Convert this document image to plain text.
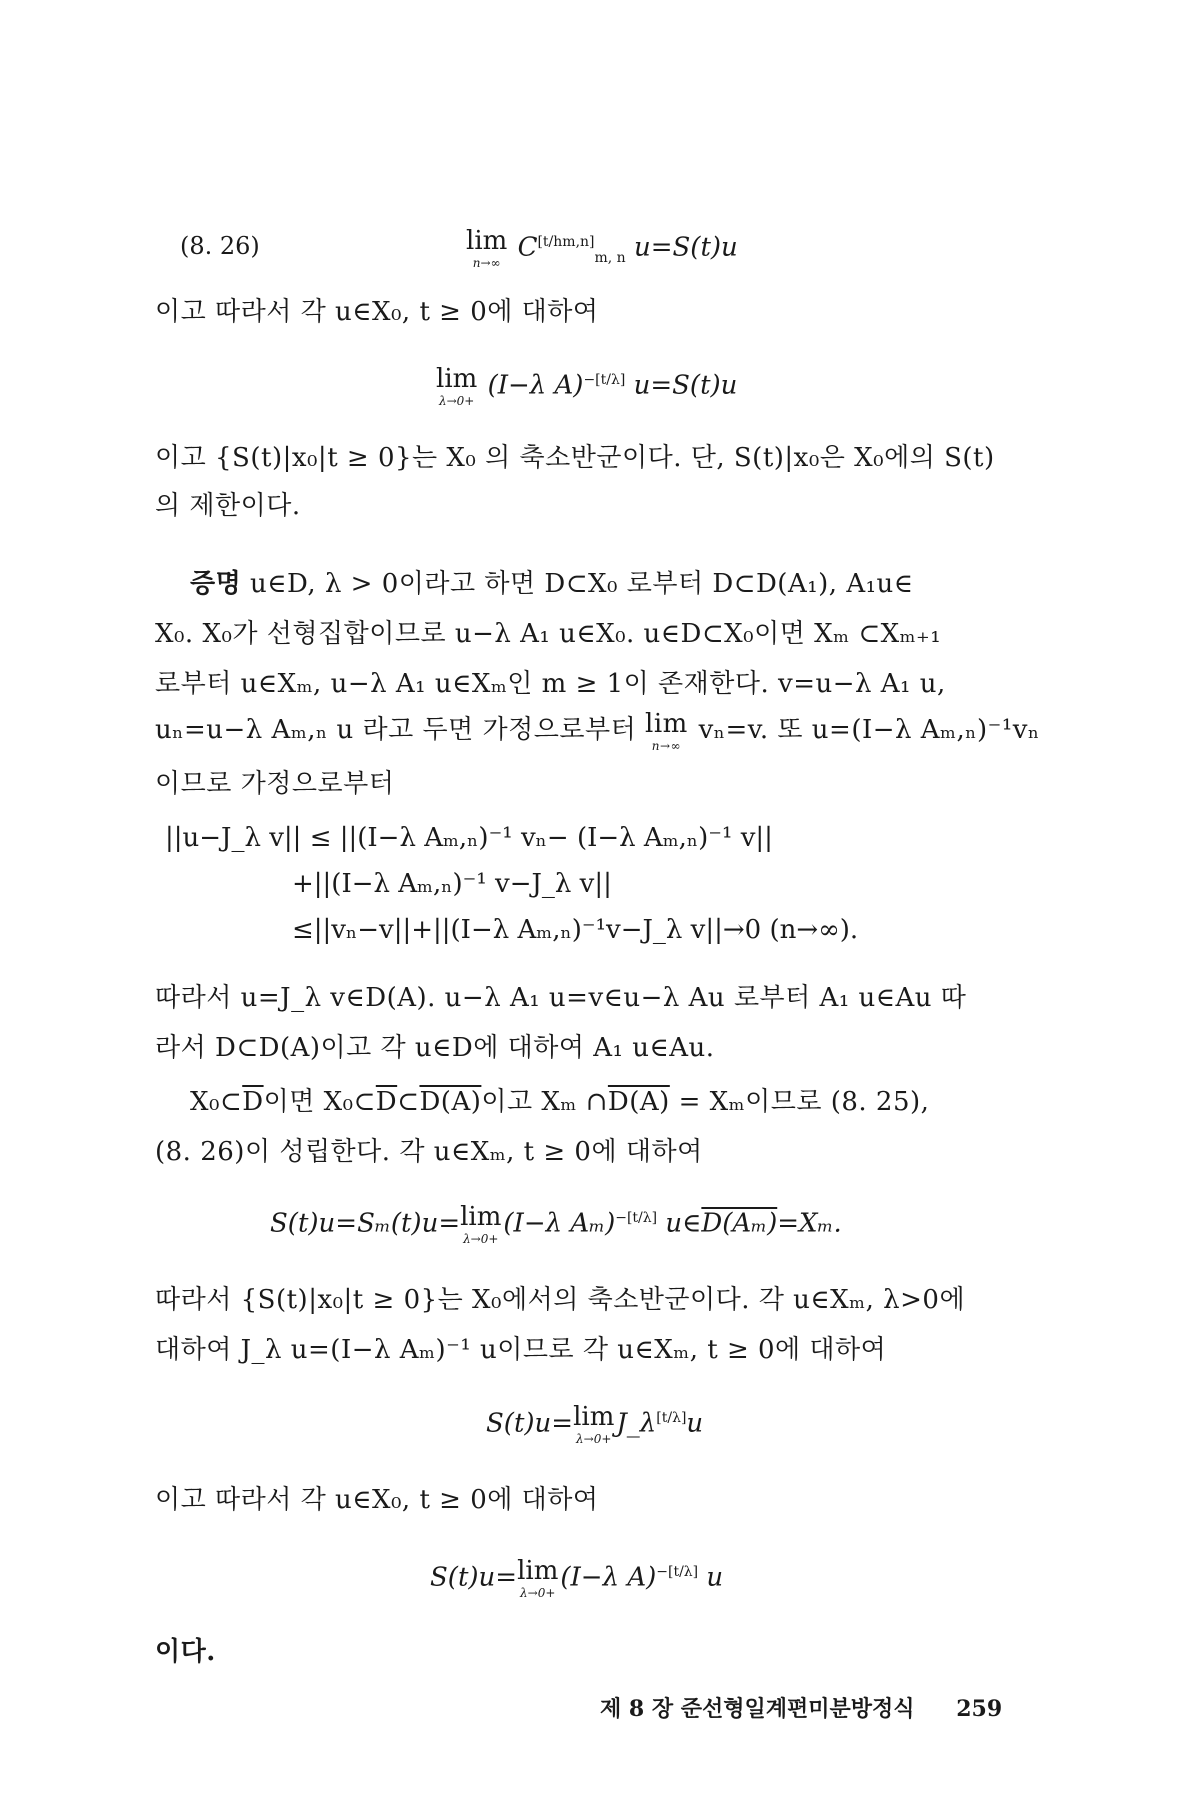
(8. 26)	lim
n→∞
$C[t/hm,n]_{m, n}$ u=S(t)u
이고 따라서 각 u∈X₀, t ≥ 0에 대하여
lim
λ→0+
(I−λ A)$^{-[t/\lambda]}$ u=S(t)u
이고 {S(t)|x₀|t ≥ 0}는 X₀ 의 축소반군이다. 단, S(t)|x₀은 X₀에의 S(t)
의 제한이다.
증명 u∈D, λ > 0이라고 하면 D⊂X₀ 로부터 D⊂D(A₁), A₁u∈
X₀. X₀가 선형집합이므로 u−λ A₁ u∈X₀. u∈D⊂X₀이면 Xₘ ⊂Xₘ₊₁
로부터 u∈Xₘ, u−λ A₁ u∈Xₘ인 m ≥ 1이 존재한다. v=u−λ A₁ u,
uₙ=u−λ Aₘ,ₙ u 라고 두면 가정으로부터 lim
n→∞
vₙ=v. 또 u=(I−λ Aₘ,ₙ)⁻¹vₙ
이므로 가정으로부터
||u−J_λ v|| ≤ ||(I−λ Aₘ,ₙ)⁻¹ vₙ− (I−λ Aₘ,ₙ)⁻¹ v||
+||(I−λ Aₘ,ₙ)⁻¹ v−J_λ v||
≤||vₙ−v||+||(I−λ Aₘ,ₙ)⁻¹v−J_λ v||→0 (n→∞).
따라서 u=J_λ v∈D(A). u−λ A₁ u=v∈u−λ Au 로부터 A₁ u∈Au 따
라서 D⊂D(A)이고 각 u∈D에 대하여 A₁ u∈Au.
$X_0\subset\overline{D}$이면 $X_0\subset\overline{D}\subset D(A)$이고 Xₘ ∩D(A) = Xₘ이므로 (8. 25),
(8. 26)이 성립한다. 각 u∈Xₘ, t ≥ 0에 대하여
S(t)u=Sₘ(t)u=lim
λ→0+
(I−λ Aₘ)$^{-[t/\lambda]}$ u∈D(Aₘ)=Xₘ.
따라서 {S(t)|x₀|t ≥ 0}는 X₀에서의 축소반군이다. 각 u∈Xₘ, λ>0에
대하여 J_λ u=(I−λ Aₘ)⁻¹ u이므로 각 u∈Xₘ, t ≥ 0에 대하여
S(t)u=lim
λ→0+
J_λ[t/λ]u
이고 따라서 각 u∈X₀, t ≥ 0에 대하여
S(t)u=lim
λ→0+
(I−λ A)$^{-[t/\lambda]}$ u
이다.
제 8 장 준선형일계편미분방정식 259
